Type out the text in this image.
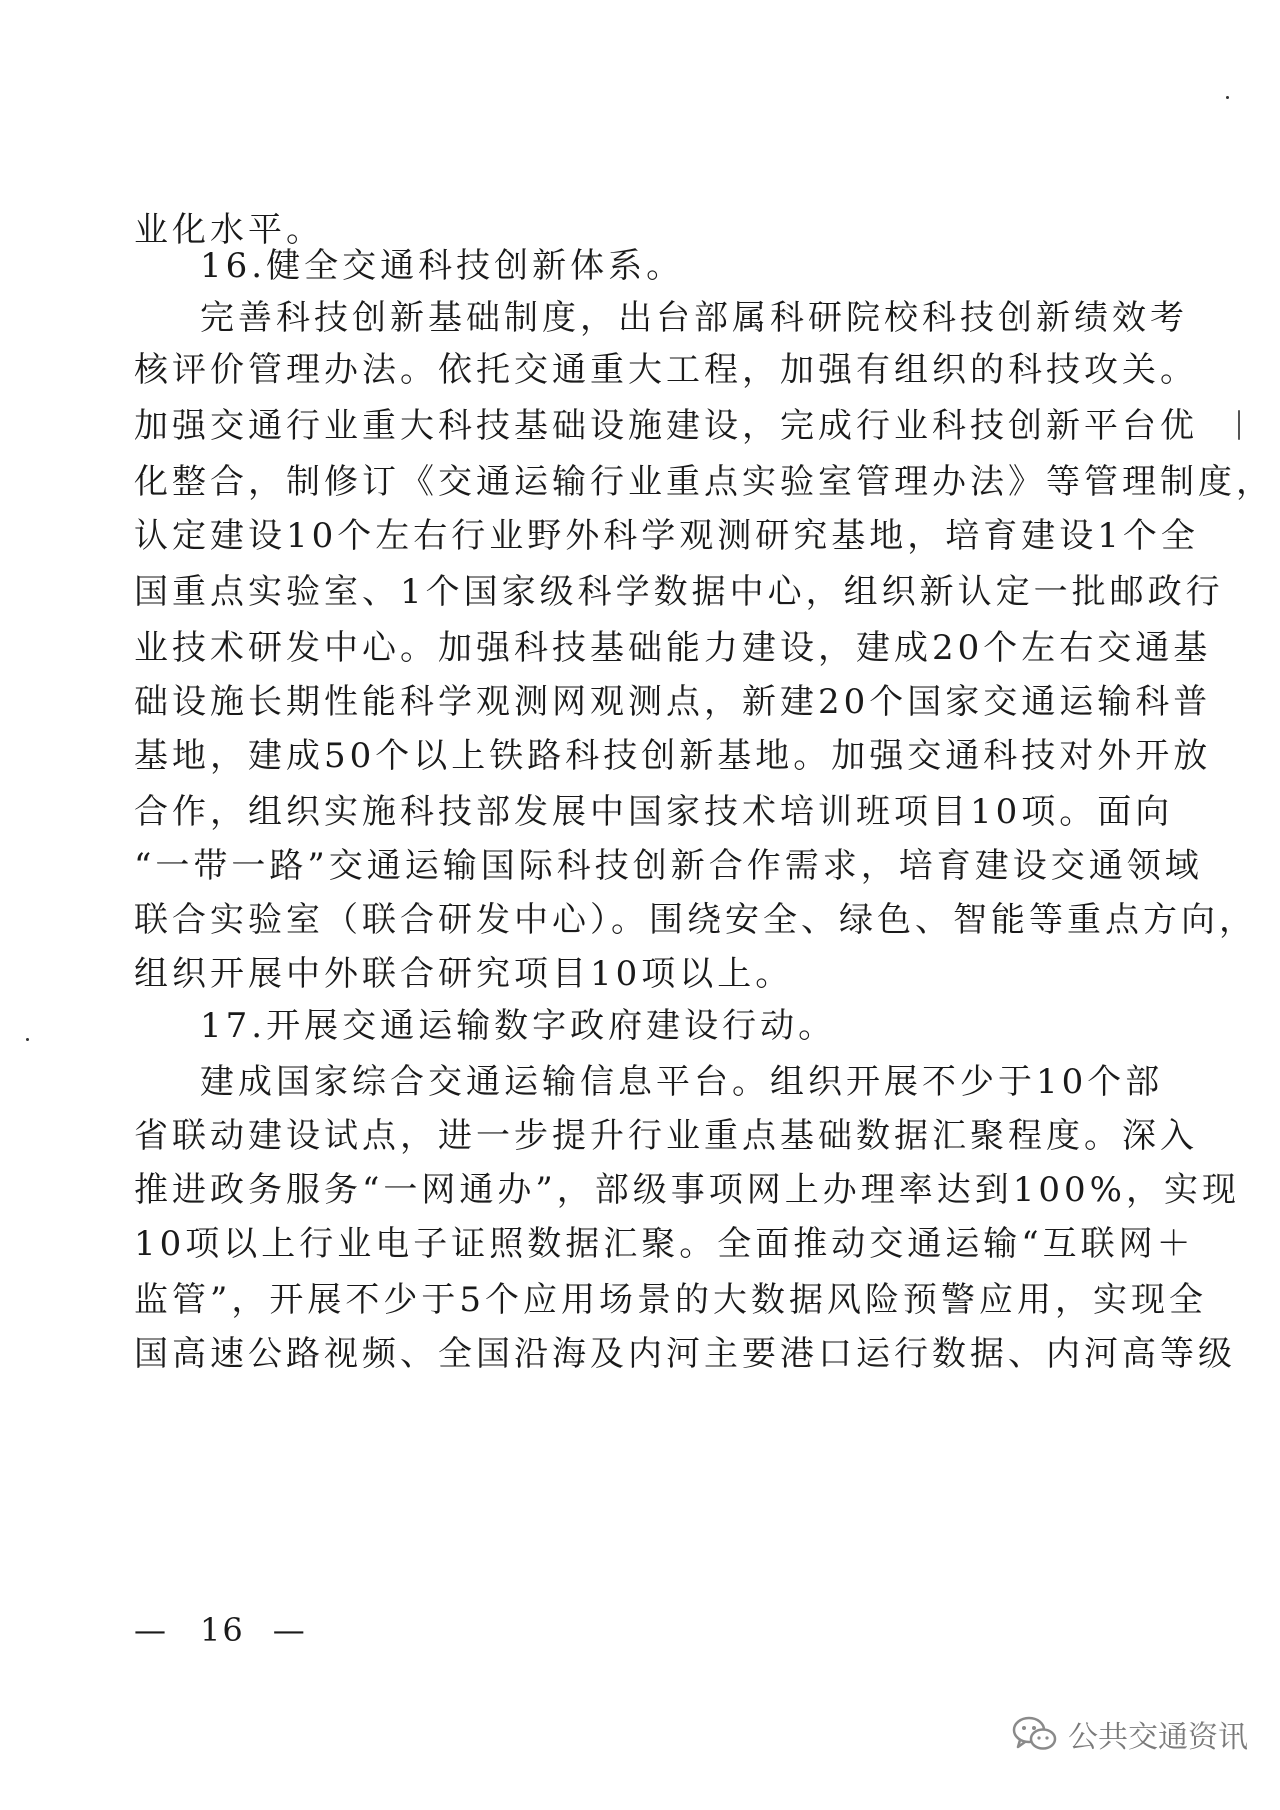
业化水平。
16.健全交通科技创新体系。
完善科技创新基础制度，出台部属科研院校科技创新绩效考
核评价管理办法。依托交通重大工程，加强有组织的科技攻关。
加强交通行业重大科技基础设施建设，完成行业科技创新平台优
化整合，制修订《交通运输行业重点实验室管理办法》等管理制度，
认定建设10个左右行业野外科学观测研究基地，培育建设1个全
国重点实验室、1个国家级科学数据中心，组织新认定一批邮政行
业技术研发中心。加强科技基础能力建设，建成20个左右交通基
础设施长期性能科学观测网观测点，新建20个国家交通运输科普
基地，建成50个以上铁路科技创新基地。加强交通科技对外开放
合作，组织实施科技部发展中国家技术培训班项目10项。面向
“一带一路”交通运输国际科技创新合作需求，培育建设交通领域
联合实验室（联合研发中心）。围绕安全、绿色、智能等重点方向，
组织开展中外联合研究项目10项以上。
17.开展交通运输数字政府建设行动。
建成国家综合交通运输信息平台。组织开展不少于10个部
省联动建设试点，进一步提升行业重点基础数据汇聚程度。深入
推进政务服务“一网通办”，部级事项网上办理率达到100%，实现
10项以上行业电子证照数据汇聚。全面推动交通运输“互联网＋
监管”，开展不少于5个应用场景的大数据风险预警应用，实现全
国高速公路视频、全国沿海及内河主要港口运行数据、内河高等级
— 16 —
公共交通资讯
